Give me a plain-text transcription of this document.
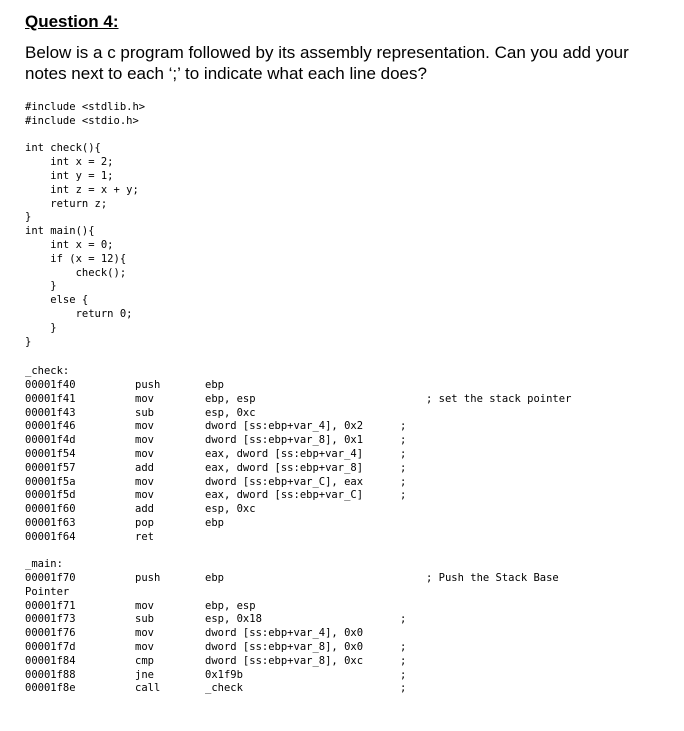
Question 4:

Below is a c program followed by its assembly representation. Can you add your notes next to each ‘;’ to indicate what each line does?

#include <stdlib.h>
#include <stdio.h>
int check(){
int x = 2;
int y = 1;
int z = x + y;
return z;
}
int main(){
int x = 0;
if (x = 12){
check();
}
else {
return 0;
}
}
_check:
00001f40	push	ebp
00001f41	mov	ebp, esp	; set the stack pointer
00001f43	sub	esp, 0xc
00001f46	mov	dword [ss:ebp+var_4], 0x2	;
00001f4d	mov	dword [ss:ebp+var_8], 0x1	;
00001f54	mov	eax, dword [ss:ebp+var_4]	;
00001f57	add	eax, dword [ss:ebp+var_8]	;
00001f5a	mov	dword [ss:ebp+var_C], eax	;
00001f5d	mov	eax, dword [ss:ebp+var_C]	;
00001f60	add	esp, 0xc
00001f63	pop	ebp
00001f64	ret
_main:
00001f70	push	ebp	; Push the Stack Base
Pointer
00001f71	mov	ebp, esp
00001f73	sub	esp, 0x18	;
00001f76	mov	dword [ss:ebp+var_4], 0x0
00001f7d	mov	dword [ss:ebp+var_8], 0x0	;
00001f84	cmp	dword [ss:ebp+var_8], 0xc	;
00001f88	jne	0x1f9b	;
00001f8e	call	_check	;
